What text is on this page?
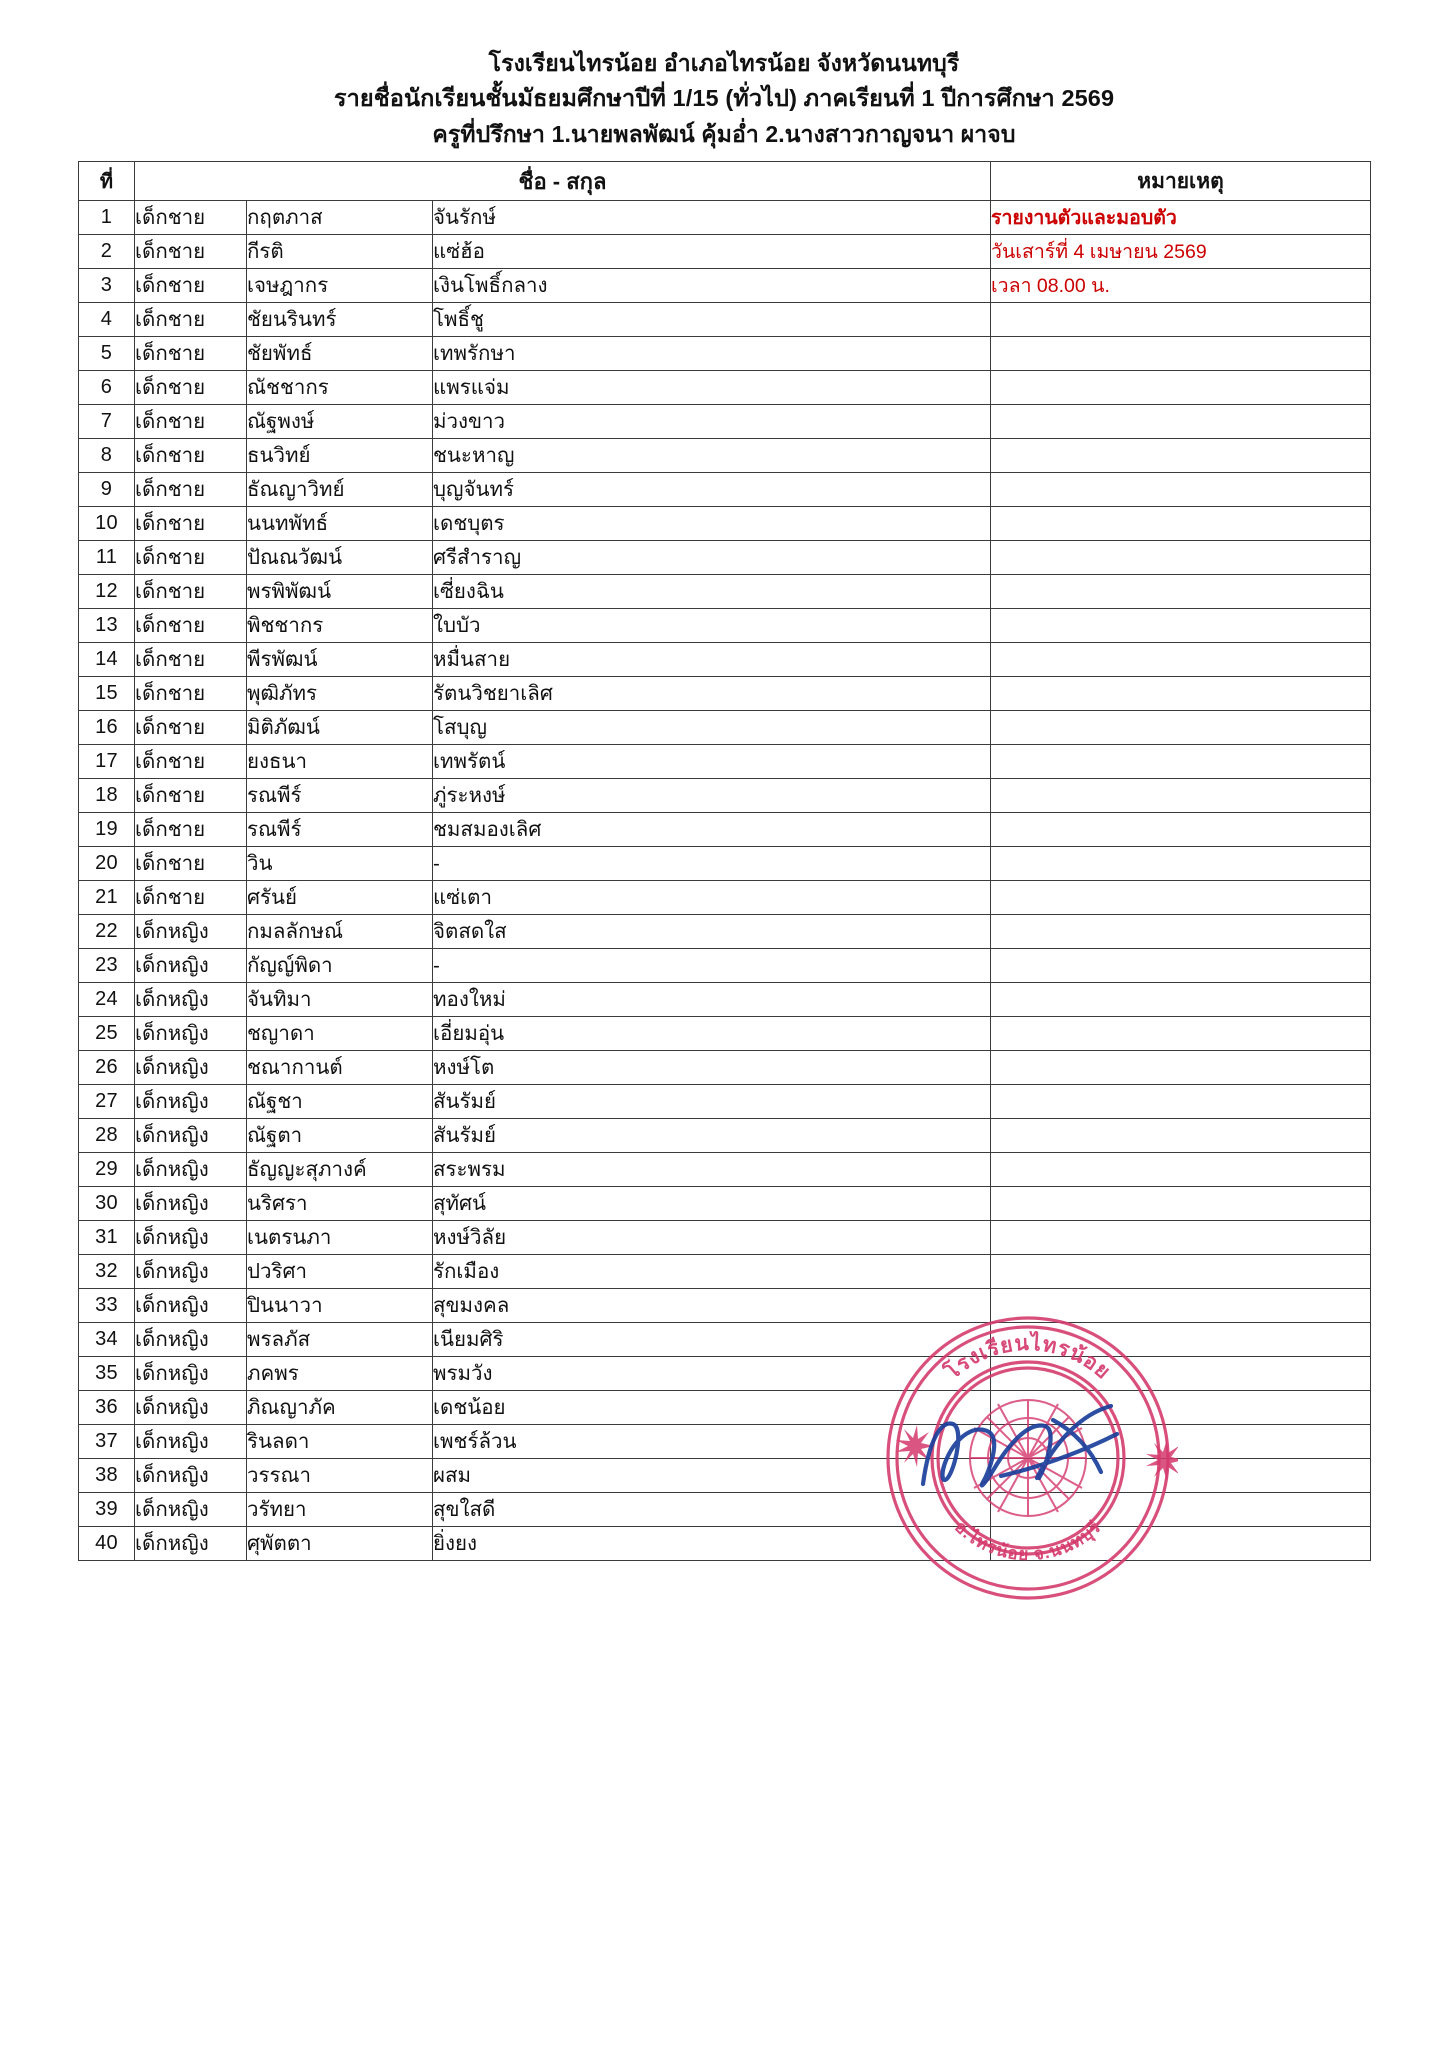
โรงเรียนไทรน้อย อำเภอไทรน้อย จังหวัดนนทบุรี
รายชื่อนักเรียนชั้นมัธยมศึกษาปีที่ 1/15 (ทั่วไป) ภาคเรียนที่ 1 ปีการศึกษา 2569
ครูที่ปรึกษา 1.นายพลพัฒน์ คุ้มอ่ำ 2.นางสาวกาญจนา ผาจบ
ที่	ชื่อ - สกุล			หมายเหตุ
1	เด็กชาย	กฤตภาส	จันรักษ์	รายงานตัวและมอบตัว
2	เด็กชาย	กีรติ	แซ่ฮ้อ	วันเสาร์ที่ 4 เมษายน 2569
3	เด็กชาย	เจษฎากร	เงินโพธิ์กลาง	เวลา 08.00 น.
4	เด็กชาย	ชัยนรินทร์	โพธิ์ชู	
5	เด็กชาย	ชัยพัทธ์	เทพรักษา	
6	เด็กชาย	ณัชชากร	แพรแจ่ม	
7	เด็กชาย	ณัฐพงษ์	ม่วงขาว	
8	เด็กชาย	ธนวิทย์	ชนะหาญ	
9	เด็กชาย	ธัณญาวิทย์	บุญจันทร์	
10	เด็กชาย	นนทพัทธ์	เดชบุตร	
11	เด็กชาย	ปัณณวัฒน์	ศรีสำราญ	
12	เด็กชาย	พรพิพัฒน์	เซี่ยงฉิน	
13	เด็กชาย	พิชชากร	ใบบัว	
14	เด็กชาย	พีรพัฒน์	หมื่นสาย	
15	เด็กชาย	พุฒิภัทร	รัตนวิชยาเลิศ	
16	เด็กชาย	มิติภัฒน์	โสบุญ	
17	เด็กชาย	ยงธนา	เทพรัตน์	
18	เด็กชาย	รณพีร์	ภู่ระหงษ์	
19	เด็กชาย	รณพีร์	ชมสมองเลิศ	
20	เด็กชาย	วิน	-	
21	เด็กชาย	ศรันย์	แซ่เตา	
22	เด็กหญิง	กมลลักษณ์	จิตสดใส	
23	เด็กหญิง	กัญญ์พิดา	-	
24	เด็กหญิง	จันทิมา	ทองใหม่	
25	เด็กหญิง	ชญาดา	เอี่ยมอุ่น	
26	เด็กหญิง	ชณากานต์	หงษ์โต	
27	เด็กหญิง	ณัฐชา	สันรัมย์	
28	เด็กหญิง	ณัฐตา	สันรัมย์	
29	เด็กหญิง	ธัญญะสุภางค์	สระพรม	
30	เด็กหญิง	นริศรา	สุทัศน์	
31	เด็กหญิง	เนตรนภา	หงษ์วิลัย	
32	เด็กหญิง	ปวริศา	รักเมือง	
33	เด็กหญิง	ปินนาวา	สุขมงคล	
34	เด็กหญิง	พรลภัส	เนียมศิริ	
35	เด็กหญิง	ภคพร	พรมวัง	
36	เด็กหญิง	ภิณญาภัค	เดชน้อย	
37	เด็กหญิง	รินลดา	เพชร์ล้วน	
38	เด็กหญิง	วรรณา	ผสม	
39	เด็กหญิง	วรัทยา	สุขใสดี	
40	เด็กหญิง	ศุพัตตา	ยิ่งยง	
โรงเรียนไทรน้อย
อ.ไทรน้อย จ.นนทบุรี
